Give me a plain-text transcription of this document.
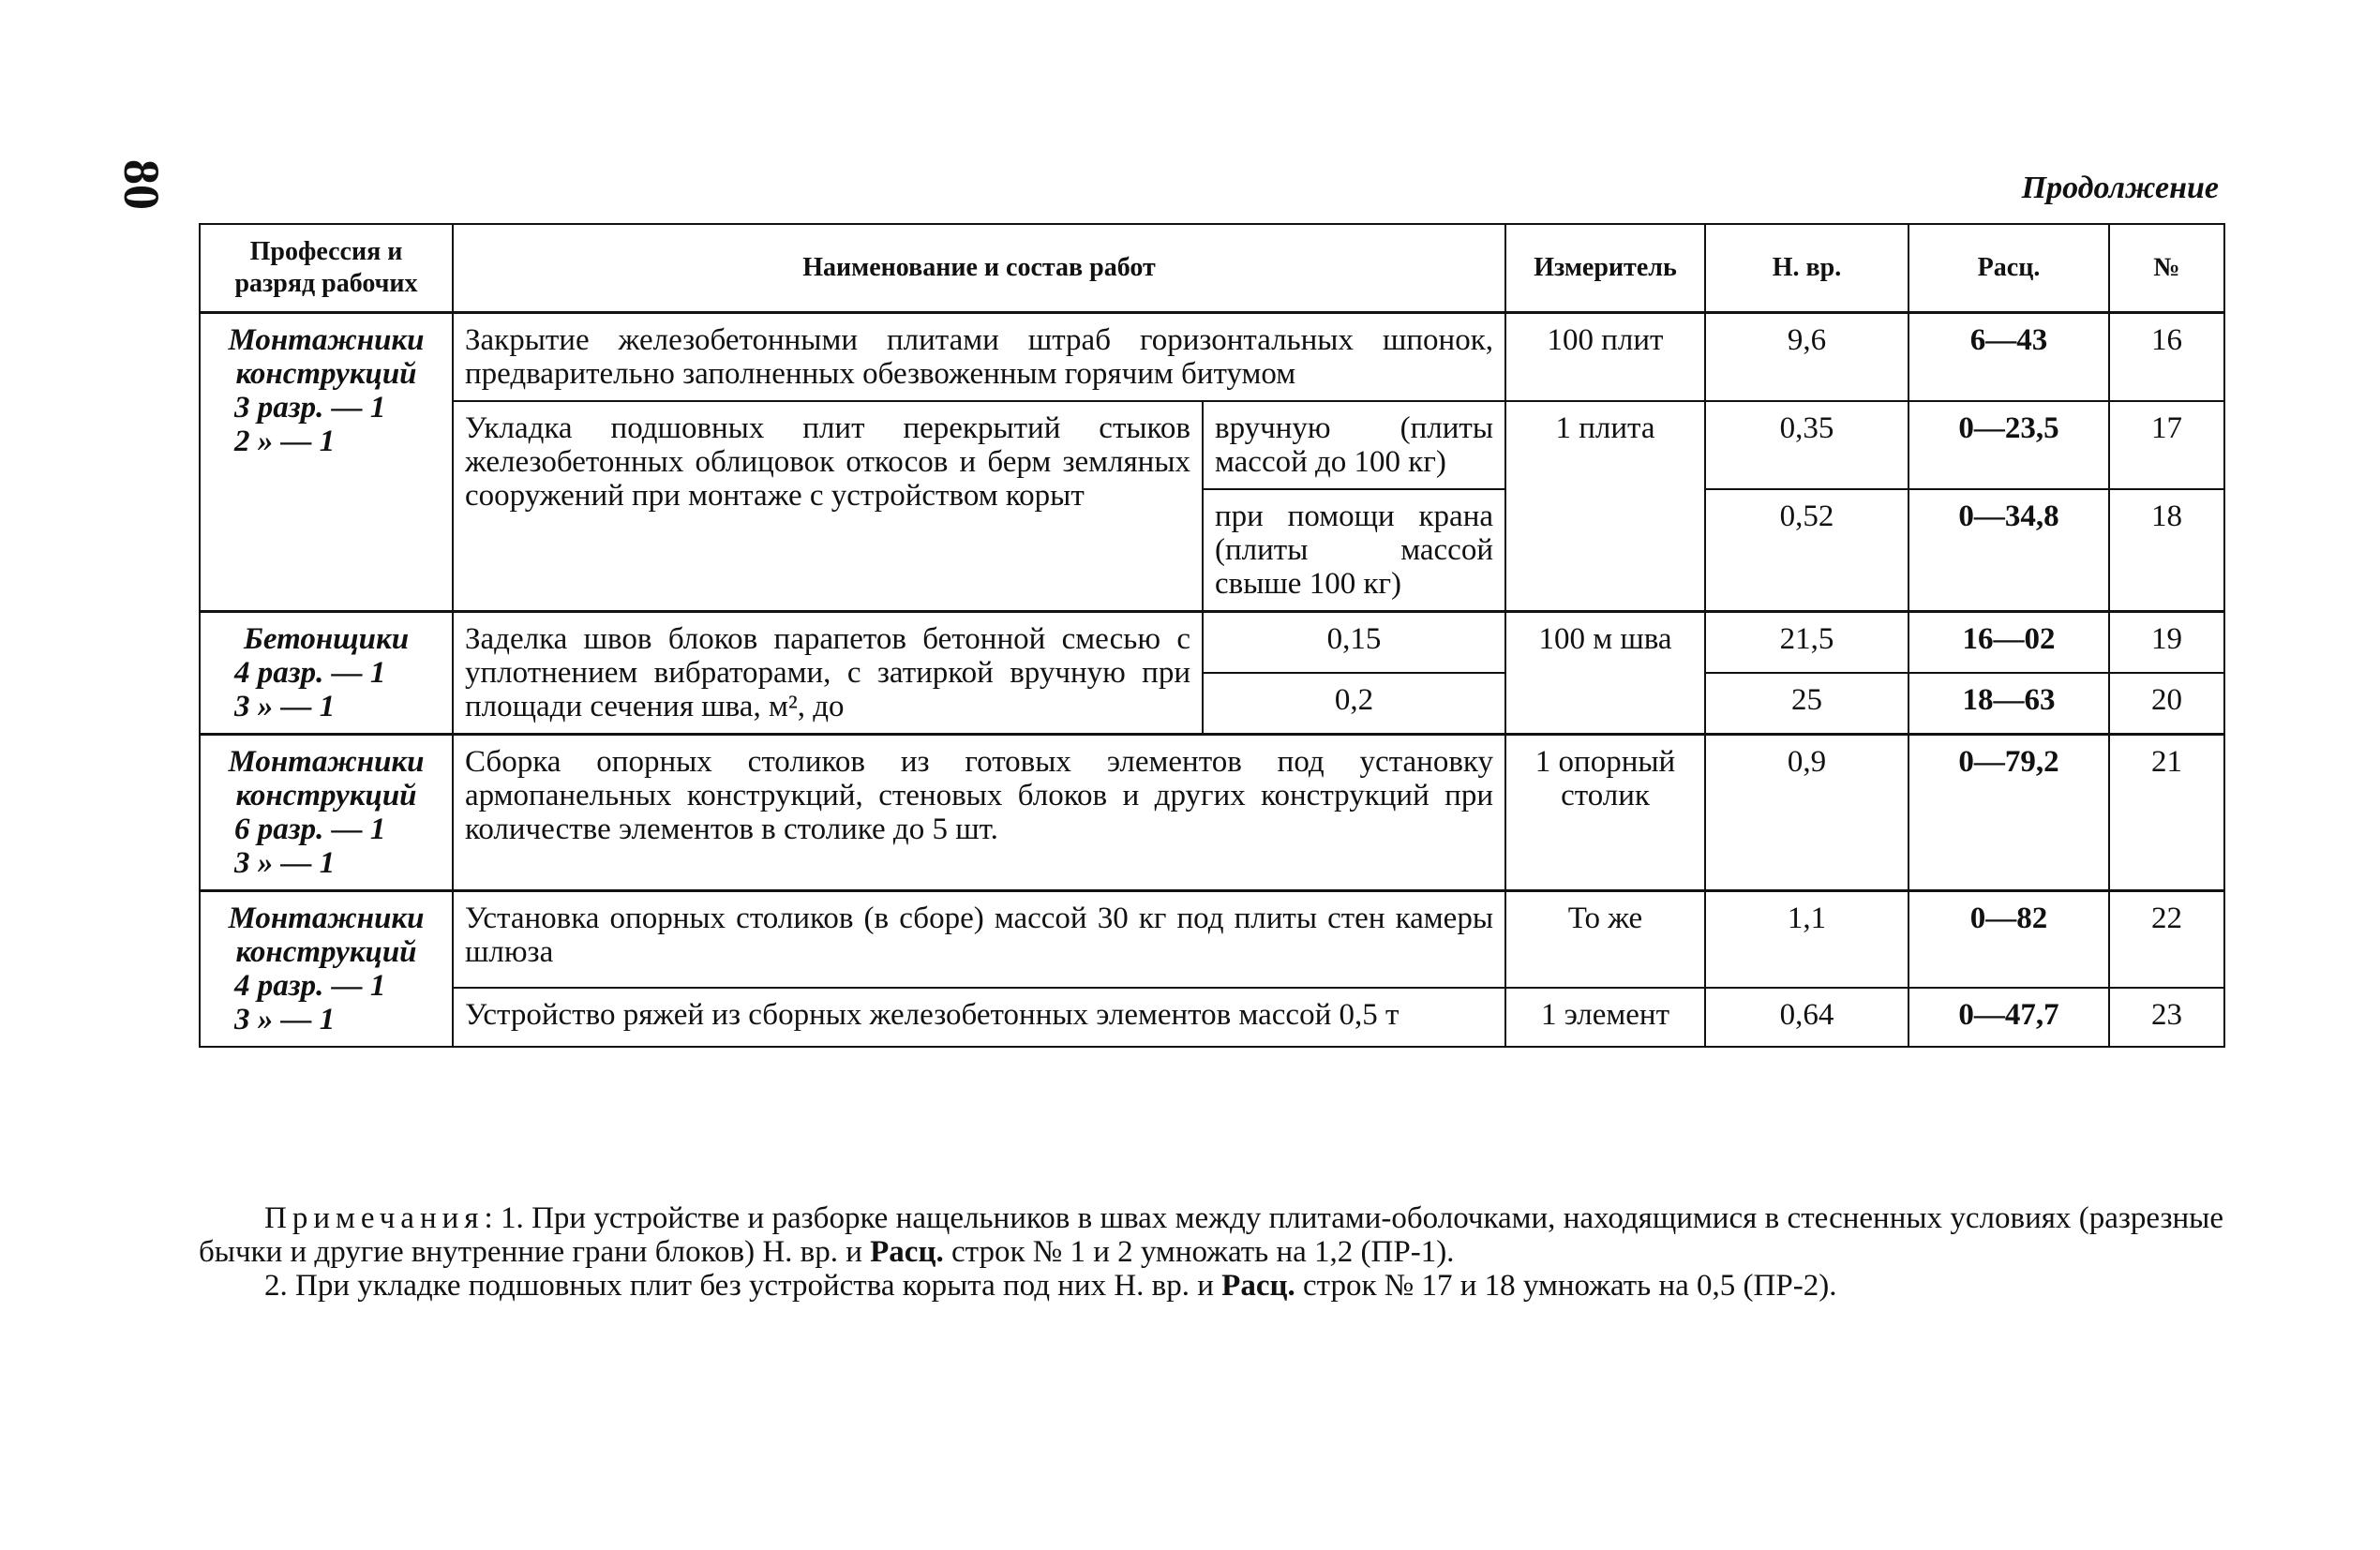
80	Продолжение
Профессия и разряд рабочих	Наименование и состав работ		Измеритель	Н. вр.	Расц.	№

Монтажники
конструкций
3 разр. — 1
2 » — 1	Закрытие железобетонными плитами штраб горизонтальных шпонок, предварительно заполненных обезвоженным горячим битумом		100 плит	9,6	6—43	16
	Укладка подшовных плит перекрытий стыков железобетонных облицовок откосов и берм земляных сооружений при монтаже с устройством корыт	вручную (плиты массой до 100 кг)	1 плита	0,35	0—23,5	17
		при помощи крана (плиты массой свыше 100 кг)		0,52	0—34,8	18

Бетонщики
4 разр. — 1
3 » — 1	Заделка швов блоков парапетов бетонной смесью с уплотнением вибраторами, с затиркой вручную при площади сечения шва, м², до	0,15	100 м шва	21,5	16—02	19
		0,2		25	18—63	20

Монтажники
конструкций
6 разр. — 1
3 » — 1	Сборка опорных столиков из готовых элементов под установку армопанельных конструкций, стеновых блоков и других конструкций при количестве элементов в столике до 5 шт.		1 опорный столик	0,9	0—79,2	21

Монтажники
конструкций
4 разр. — 1
3 » — 1	Установка опорных столиков (в сборе) массой 30 кг под плиты стен камеры шлюза		То же	1,1	0—82	22
	Устройство ряжей из сборных железобетонных элементов массой 0,5 т		1 элемент	0,64	0—47,7	23

Примечания: 1. При устройстве и разборке нащельников в швах между плитами-оболочками, находящимися в стесненных условиях (разрезные бычки и другие внутренние грани блоков) Н. вр. и Расц. строк № 1 и 2 умножать на 1,2 (ПР-1).

2. При укладке подшовных плит без устройства корыта под них Н. вр. и Расц. строк № 17 и 18 умножать на 0,5 (ПР-2).
